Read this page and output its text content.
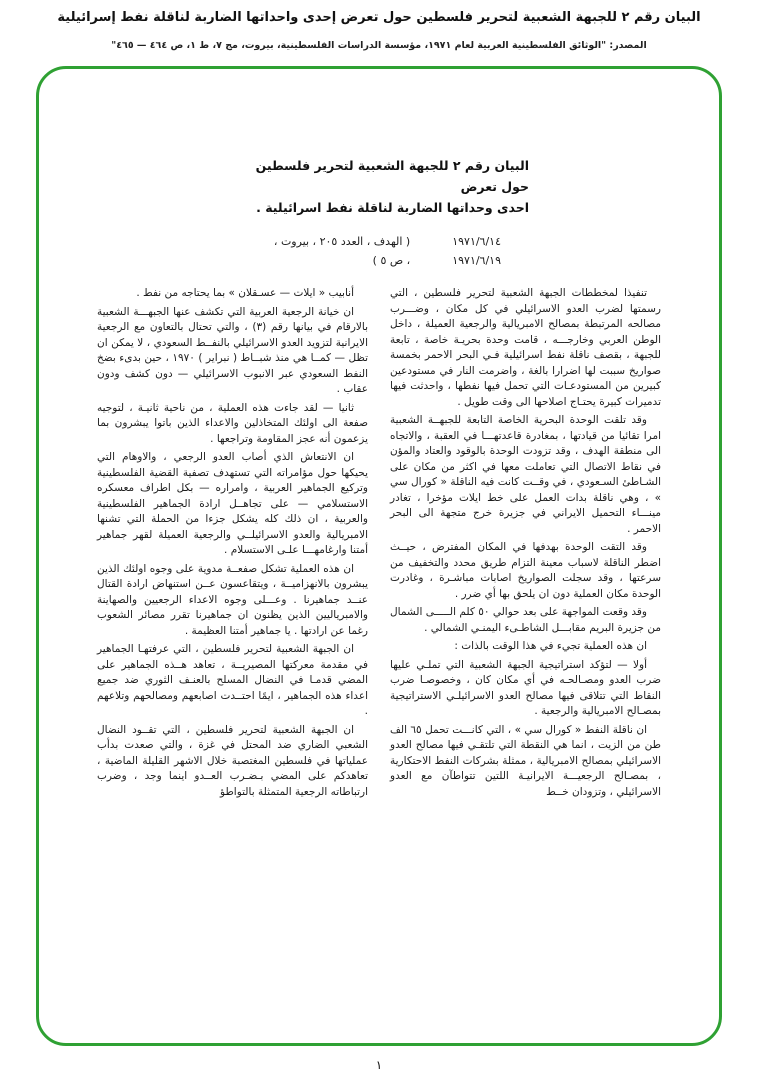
البيان رقم ٢ للجبهة الشعبية لتحرير فلسطين حول تعرض إحدى واحداتها الضاربة لناقلة نفط إسرائيلية
المصدر: "الوثائق الفلسطينية العربية لعام ١٩٧١، مؤسسة الدراسات الفلسطينية، بيروت، مج ٧، ط ١، ص ٤٦٤ — ٤٦٥"
البيان رقم ٢ للجبهة الشعبية لتحرير فلسطين حول تعرض
احدى وحداتها الضاربة لناقلة نفط اسرائيلية .
١٩٧١/٦/١٤
( الهدف ، العدد ٢٠٥ ، بيروت ،
١٩٧١/٦/١٩
، ص ٥ )

تنفيذا لمخططات الجبهة الشعبية لتحرير فلسطين ، التي رسمتها لضرب العدو الاسرائيلي في كل مكان ، وضـــرب مصالحه المرتبطة بمصالح الامبريالية والرجعية العميلة ، داخل الوطن العربي وخارجـــه ، قامت وحدة بحريـة خاصة ، تابعة للجبهة ، بقصف ناقلة نفط اسرائيلية فـي البحر الاحمر بخمسة صواريخ سببت لها اضرارا بالغة ، واضرمت النار في مستودعين كبيرين من المستودعـات التي تحمل فيها نفطها ، واحدثت فيها تدميرات كبيرة يحتـاج اصلاحها الى وقت طويل .

وقد تلقت الوحدة البحرية الخاصة التابعة للجبهــة الشعبية امرا تقائيا من قيادتها ، بمغادرة قاعدتهـــا في العقبة ، والاتجاه الى منطقة الهدف ، وقد تزودت الوحدة بالوقود والعتاد والمؤن في نقاط الاتصال التي تعاملت معها في اكثر من مكان على الشـاطئ السـعودي ، في وقــت كانت فيه الناقلة « كورال سي » ، وهي ناقلة بدات العمل على خط ايلات مؤخرا ، تغادر مينـــاء التحميل الايراني في جزيرة خرج متجهة الى البحر الاحمر .

وقد التقت الوحدة بهدفها في المكان المفترض ، حيــث اضطر الناقلة لاسباب معينة التزام طريق محدد والتخفيف من سرعتها ، وقد سجلت الصواريخ اصابات مباشـرة ، وغادرت الوحدة مكان العملية دون ان يلحق بها أي ضرر .

وقد وقعت المواجهة على بعد حوالي ٥٠ كلم الـــــى الشمال من جزيرة البريم مقابـــل الشاطـىء اليمنـي الشمالي .

ان هذه العملية تجيء في هذا الوقت بالذات :

أولا — لتؤكد استراتيجية الجبهة الشعبية التي تملـي عليها ضرب العدو ومصـالحـه في أي مكان كان ، وخصوصـا ضرب النقاط التي تتلاقى فيها مصالح العدو الاسرائيلـي الاستراتيجية بمصـالح الامبريالية والرجعية .

ان ناقلة النفط « كورال سي » ، التي كانـــت تحمل ٦٥ الف طن من الزيت ، انما هي النقطة التي تلتقـي فيها مصالح العدو الاسرائيلي بمصالح الامبريالية ، ممثلة بشركات النفط الاحتكارية ، بمصـالح الرجعيـــة الايرانيـة اللتين تتواطآن مع العدو الاسرائيلي ، وتزودان خــط

أنابيب « ايلات — عسـقلان » بما يحتاجه من نفط .

ان خيانة الرجعية العربية التي تكشف عنها الجبهـــة الشعبية بالارقام في بيانها رقم (٣) ، والتي تحتال بالتعاون مع الرجعية الايرانية لتزويد العدو الاسرائيلي بالنفــط السعودي ، لا يمكن ان تظل — كمــا هي منذ شبــاط ( نبراير ) ١٩٧٠ ، حين بدىء بضخ النفط السعودي عبر الانبوب الاسرائيلي — دون كشف ودون عقاب .

ثانيا — لقد جاءت هذه العملية ، من ناحية ثانيـة ، لتوجيه صفعة الى اولئك المتخاذلين والاعداء الذين باتوا يبشرون بما يزعمون أنه عجز المقاومة وتراجعها .

ان الانتعاش الذي أصاب العدو الرجعي ، والاوهام التي يحيكها حول مؤامراته التي تستهدف تصفية القضية الفلسطينية وتركيع الجماهير العربية ، وامراره — بكل اطراف معسكره الاستسلامي — على تجاهــل ارادة الجماهير الفلسطينية والعربية ، ان ذلك كله يشكل جزءا من الحملة التي تشنها الامبريالية والعدو الاسرائيلــي والرجعية العميلة لقهر جماهير أمتنا وارغامهـــا علـى الاستسلام .

ان هذه العملية تشكل صفعــة مدوية على وجوه اولئك الذين يبشرون بالانهزاميــة ، ويتقاعسون عــن استنهاض ارادة القتال عنــد جماهيرنا . وعـــلى وجوه الاعداء الرجعيين والصهاينة والامبرياليين الذين يظنون ان جماهيرنا تقرر مصائر الشعوب رغما عن ارادتها . يا جماهير أمتنا العظيمة .

ان الجبهة الشعبية لتحرير فلسطين ، التي عرفتهـا الجماهير في مقدمة معركتها المصيريــة ، تعاهد هــذه الجماهير على المضي قدمـا في النضال المسلح بالعنـف الثوري ضد جميع اعداء هذه الجماهير ، ايمًا احتــدت اصابعهم ومصالحهم وتلاعهم .

ان الجبهة الشعبية لتحرير فلسطين ، التي تقــود النضال الشعبي الضاري ضد المحتل في غزة ، والتي صعدت بدأب عملياتها في فلسطين المغتصبة خلال الاشهر القليلة الماضية ، تعاهدكم على المضي بـضـرب العــدو اينما وجد ، وضرب ارتباطاته الرجعية المتمثلة بالتواطؤ

١
